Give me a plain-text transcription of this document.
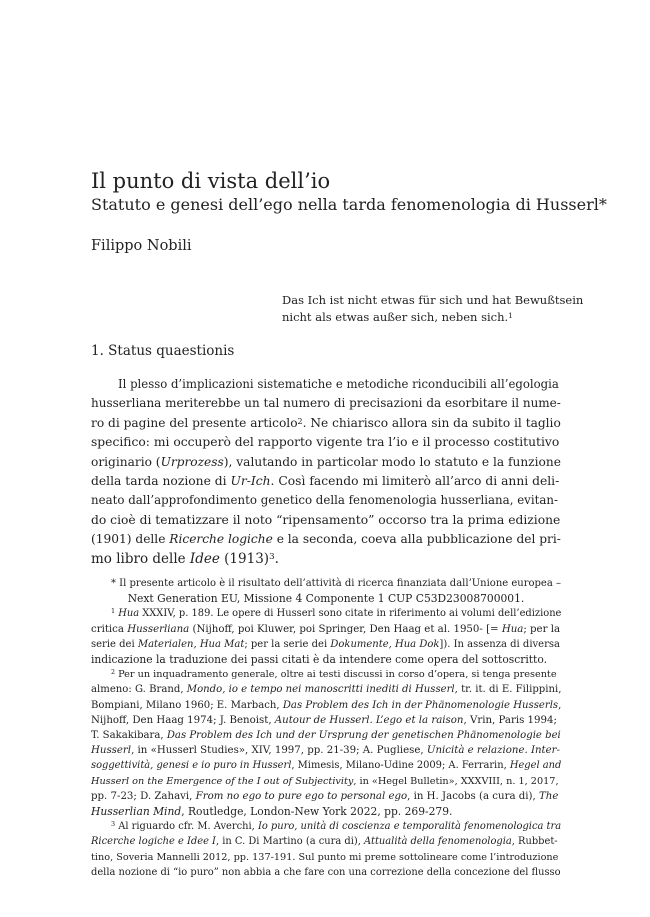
Il punto di vista dell’io
Statuto e genesi dell’ego nella tarda fenomenologia di Husserl*
Filippo Nobili
Das Ich ist nicht etwas für sich und hat Bewußtsein
nicht als etwas außer sich, neben sich.$^1$
1. Status quaestionis
Il plesso d’implicazioni sistematiche e metodiche riconducibili all’egologia
husserliana meriterebbe un tal numero di precisazioni da esorbitare il nume-
ro di pagine del presente articolo$^2$. Ne chiarisco allora sin da subito il taglio
specifico: mi occuperò del rapporto vigente tra l’io e il processo costitutivo
originario (Urprozess), valutando in particolar modo lo statuto e la funzione
della tarda nozione di Ur-Ich. Così facendo mi limiterò all’arco di anni deli-
neato dall’approfondimento genetico della fenomenologia husserliana, evitan-
do cioè di tematizzare il noto “ripensamento” occorso tra la prima edizione
(1901) delle Ricerche logiche e la seconda, coeva alla pubblicazione del pri-
mo libro delle Idee $(1913)^3$.
* Il presente articolo è il risultato dell’attività di ricerca finanziata dall’Unione europea –
Next Generation EU, Missione 4 Componente 1 CUP C53D23008700001.
$^1$ Hua XXXIV, p. 189. Le opere di Husserl sono citate in riferimento ai volumi dell’edizione
critica Husserliana (Nijhoff, poi Kluwer, poi Springer, Den Haag et al. 1950- [= Hua; per la
serie dei Materialen, Hua Mat; per la serie dei Dokumente, Hua Dok]). In assenza di diversa
indicazione la traduzione dei passi citati è da intendere come opera del sottoscritto.
$^2$ Per un inquadramento generale, oltre ai testi discussi in corso d’opera, si tenga presente
almeno: G. Brand, Mondo, io e tempo nei manoscritti inediti di Husserl, tr. it. di E. Filippini,
Bompiani, Milano 1960; E. Marbach, Das Problem des Ich in der Phänomenologie Husserls,
Nijhoff, Den Haag 1974; J. Benoist, Autour de Husserl. L’ego et la raison, Vrin, Paris 1994;
T. Sakakibara, Das Problem des Ich und der Ursprung der genetischen Phänomenologie bei
Husserl, in «Husserl Studies», XIV, 1997, pp. 21-39; A. Pugliese, Unicità e relazione. Inter-
soggettività, genesi e io puro in Husserl, Mimesis, Milano-Udine 2009; A. Ferrarin, Hegel and
Husserl on the Emergence of the I out of Subjectivity, in «Hegel Bulletin», XXXVIII, n. 1, 2017,
pp. 7-23; D. Zahavi, From no ego to pure ego to personal ego, in H. Jacobs (a cura di), The
Husserlian Mind, Routledge, London-New York 2022, pp. 269-279.
$^3$ Al riguardo cfr. M. Averchi, Io puro, unità di coscienza e temporalità fenomenologica tra
Ricerche logiche e Idee I, in C. Di Martino (a cura di), Attualità della fenomenologia, Rubbet-
tino, Soveria Mannelli 2012, pp. 137-191. Sul punto mi preme sottolineare come l’introduzione
della nozione di “io puro” non abbia a che fare con una correzione della concezione del flusso
